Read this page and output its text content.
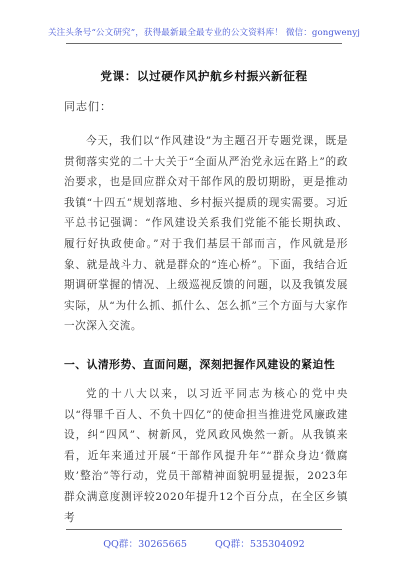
关注头条号“公文研究”，获得最新最全最专业的公文资料库！ 微信：gongwenyj
党课：以过硬作风护航乡村振兴新征程
同志们：
今天，我们以“作风建设”为主题召开专题党课，既是贯彻落实党的二十大关于“全面从严治党永远在路上”的政治要求，也是回应群众对干部作风的殷切期盼，更是推动我镇“十四五”规划落地、乡村振兴提质的现实需要。习近平总书记强调：“作风建设关系我们党能不能长期执政、履行好执政使命。”对于我们基层干部而言，作风就是形象、就是战斗力、就是群众的“连心桥”。下面，我结合近期调研掌握的情况、上级巡视反馈的问题，以及我镇发展实际，从“为什么抓、抓什么、怎么抓”三个方面与大家作一次深入交流。
一、认清形势、直面问题，深刻把握作风建设的紧迫性
党的十八大以来，以习近平同志为核心的党中央以“得罪千百人、不负十四亿”的使命担当推进党风廉政建设，纠“四风”、树新风，党风政风焕然一新。从我镇来看，近年来通过开展“干部作风提升年”“群众身边‘微腐败’整治”等行动，党员干部精神面貌明显提振，2023年群众满意度测评较2020年提升12个百分点，在全区乡镇考
QQ群：30265665	QQ群：535304092
